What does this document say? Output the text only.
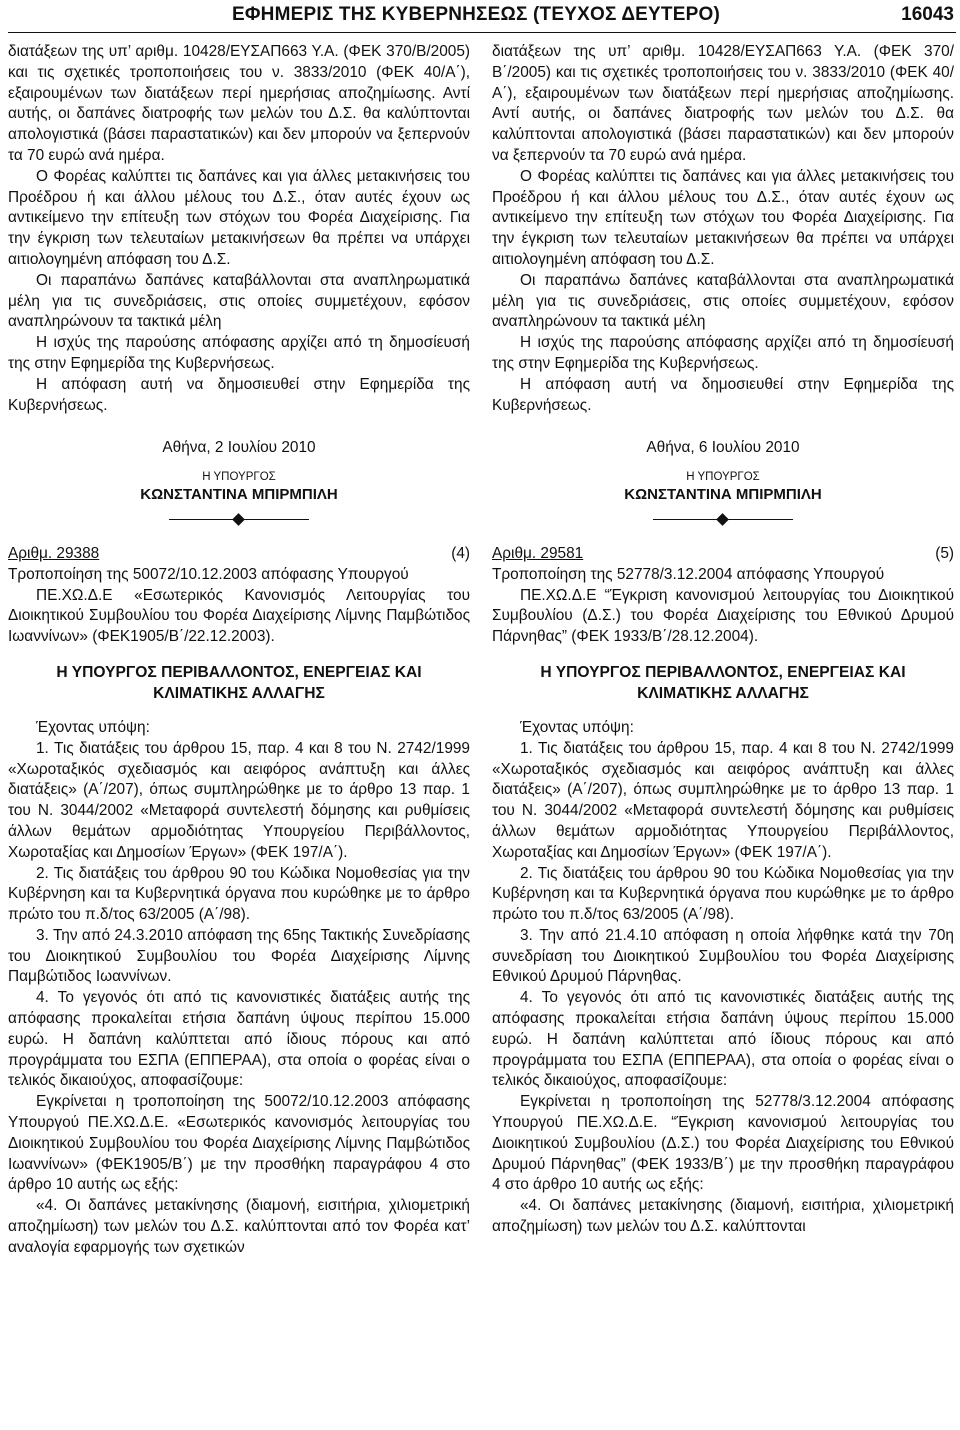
ΕΦΗΜΕΡΙΣ ΤΗΣ ΚΥΒΕΡΝΗΣΕΩΣ (ΤΕΥΧΟΣ ΔΕΥΤΕΡΟ)	16043

διατάξεων της υπ’ αριθμ. 10428/ΕΥΣΑΠ663 Υ.Α. (ΦΕΚ 370/Β/2005) και τις σχετικές τροποποιήσεις του ν. 3833/2010 (ΦΕΚ 40/Α΄), εξαιρουμένων των διατάξεων περί ημερήσιας αποζημίωσης. Αντί αυτής, οι δαπάνες διατροφής των μελών του Δ.Σ. θα καλύπτονται απολογιστικά (βάσει παραστατικών) και δεν μπορούν να ξεπερνούν τα 70 ευρώ ανά ημέρα.

Ο Φορέας καλύπτει τις δαπάνες και για άλλες μετακινήσεις του Προέδρου ή και άλλου μέλους του Δ.Σ., όταν αυτές έχουν ως αντικείμενο την επίτευξη των στόχων του Φορέα Διαχείρισης. Για την έγκριση των τελευταίων μετακινήσεων θα πρέπει να υπάρχει αιτιολογημένη απόφαση του Δ.Σ.

Οι παραπάνω δαπάνες καταβάλλονται στα αναπληρωματικά μέλη για τις συνεδριάσεις, στις οποίες συμμετέχουν, εφόσον αναπληρώνουν τα τακτικά μέλη

Η ισχύς της παρούσης απόφασης αρχίζει από τη δημοσίευσή της στην Εφημερίδα της Κυβερνήσεως.

Η απόφαση αυτή να δημοσιευθεί στην Εφημερίδα της Κυβερνήσεως.

Αθήνα, 2 Ιουλίου 2010

Η ΥΠΟΥΡΓΟΣ

ΚΩΝΣΤΑΝΤΙΝΑ ΜΠΙΡΜΠΙΛΗ

Αριθμ. 29388	(4)

Τροποποίηση της 50072/10.12.2003 απόφασης Υπουργού

ΠΕ.ΧΩ.Δ.Ε «Εσωτερικός Κανονισμός Λειτουργίας του Διοικητικού Συμβουλίου του Φορέα Διαχείρισης Λίμνης Παμβώτιδος Ιωαννίνων» (ΦΕΚ1905/Β΄/22.12.2003).

Η ΥΠΟΥΡΓΟΣ ΠΕΡΙΒΑΛΛΟΝΤΟΣ, ΕΝΕΡΓΕΙΑΣ ΚΑΙ ΚΛΙΜΑΤΙΚΗΣ ΑΛΛΑΓΗΣ

Έχοντας υπόψη:

1. Τις διατάξεις του άρθρου 15, παρ. 4 και 8 του Ν. 2742/1999 «Χωροταξικός σχεδιασμός και αειφόρος ανάπτυξη και άλλες διατάξεις» (Α΄/207), όπως συμπληρώθηκε με το άρθρο 13 παρ. 1 του Ν. 3044/2002 «Μεταφορά συντελεστή δόμησης και ρυθμίσεις άλλων θεμάτων αρμοδιότητας Υπουργείου Περιβάλλοντος, Χωροταξίας και Δημοσίων Έργων» (ΦΕΚ 197/Α΄).

2. Τις διατάξεις του άρθρου 90 του Κώδικα Νομοθεσίας για την Κυβέρνηση και τα Κυβερνητικά όργανα που κυρώθηκε με το άρθρο πρώτο του π.δ/τος 63/2005 (Α΄/98).

3. Την από 24.3.2010 απόφαση της 65ης Τακτικής Συνεδρίασης του Διοικητικού Συμβουλίου του Φορέα Διαχείρισης Λίμνης Παμβώτιδος Ιωαννίνων.

4. Το γεγονός ότι από τις κανονιστικές διατάξεις αυτής της απόφασης προκαλείται ετήσια δαπάνη ύψους περίπου 15.000 ευρώ. Η δαπάνη καλύπτεται από ίδιους πόρους και από προγράμματα του ΕΣΠΑ (ΕΠΠΕΡΑΑ), στα οποία ο φορέας είναι ο τελικός δικαιούχος, αποφασίζουμε:

Εγκρίνεται η τροποποίηση της 50072/10.12.2003 απόφασης Υπουργού ΠΕ.ΧΩ.Δ.Ε. «Εσωτερικός κανονισμός λειτουργίας του Διοικητικού Συμβουλίου του Φορέα Διαχείρισης Λίμνης Παμβώτιδος Ιωαννίνων» (ΦΕΚ1905/Β΄) με την προσθήκη παραγράφου 4 στο άρθρο 10 αυτής ως εξής:

«4. Οι δαπάνες μετακίνησης (διαμονή, εισιτήρια, χιλιομετρική αποζημίωση) των μελών του Δ.Σ. καλύπτονται από τον Φορέα κατ’ αναλογία εφαρμογής των σχετικών

διατάξεων της υπ’ αριθμ. 10428/ΕΥΣΑΠ663 Υ.Α. (ΦΕΚ 370/Β΄/2005) και τις σχετικές τροποποιήσεις του ν. 3833/2010 (ΦΕΚ 40/Α΄), εξαιρουμένων των διατάξεων περί ημερήσιας αποζημίωσης. Αντί αυτής, οι δαπάνες διατροφής των μελών του Δ.Σ. θα καλύπτονται απολογιστικά (βάσει παραστατικών) και δεν μπορούν να ξεπερνούν τα 70 ευρώ ανά ημέρα.

Ο Φορέας καλύπτει τις δαπάνες και για άλλες μετακινήσεις του Προέδρου ή και άλλου μέλους του Δ.Σ., όταν αυτές έχουν ως αντικείμενο την επίτευξη των στόχων του Φορέα Διαχείρισης. Για την έγκριση των τελευταίων μετακινήσεων θα πρέπει να υπάρχει αιτιολογημένη απόφαση του Δ.Σ.

Οι παραπάνω δαπάνες καταβάλλονται στα αναπληρωματικά μέλη για τις συνεδριάσεις, στις οποίες συμμετέχουν, εφόσον αναπληρώνουν τα τακτικά μέλη

Η ισχύς της παρούσης απόφασης αρχίζει από τη δημοσίευσή της στην Εφημερίδα της Κυβερνήσεως.

Η απόφαση αυτή να δημοσιευθεί στην Εφημερίδα της Κυβερνήσεως.

Αθήνα, 6 Ιουλίου 2010

Η ΥΠΟΥΡΓΟΣ

ΚΩΝΣΤΑΝΤΙΝΑ ΜΠΙΡΜΠΙΛΗ

Αριθμ. 29581	(5)

Τροποποίηση της 52778/3.12.2004 απόφασης Υπουργού

ΠΕ.ΧΩ.Δ.Ε “Έγκριση κανονισμού λειτουργίας του Διοικητικού Συμβουλίου (Δ.Σ.) του Φορέα Διαχείρισης του Εθνικού Δρυμού Πάρνηθας” (ΦΕΚ 1933/Β΄/28.12.2004).

Η ΥΠΟΥΡΓΟΣ ΠΕΡΙΒΑΛΛΟΝΤΟΣ, ΕΝΕΡΓΕΙΑΣ ΚΑΙ ΚΛΙΜΑΤΙΚΗΣ ΑΛΛΑΓΗΣ

Έχοντας υπόψη:

1. Τις διατάξεις του άρθρου 15, παρ. 4 και 8 του Ν. 2742/1999 «Χωροταξικός σχεδιασμός και αειφόρος ανάπτυξη και άλλες διατάξεις» (Α΄/207), όπως συμπληρώθηκε με το άρθρο 13 παρ. 1 του Ν. 3044/2002 «Μεταφορά συντελεστή δόμησης και ρυθμίσεις άλλων θεμάτων αρμοδιότητας Υπουργείου Περιβάλλοντος, Χωροταξίας και Δημοσίων Έργων» (ΦΕΚ 197/Α΄).

2. Τις διατάξεις του άρθρου 90 του Κώδικα Νομοθεσίας για την Κυβέρνηση και τα Κυβερνητικά όργανα που κυρώθηκε με το άρθρο πρώτο του π.δ/τος 63/2005 (Α΄/98).

3. Την από 21.4.10 απόφαση η οποία λήφθηκε κατά την 70η συνεδρίαση του Διοικητικού Συμβουλίου του Φορέα Διαχείρισης Εθνικού Δρυμού Πάρνηθας.

4. Το γεγονός ότι από τις κανονιστικές διατάξεις αυτής της απόφασης προκαλείται ετήσια δαπάνη ύψους περίπου 15.000 ευρώ. Η δαπάνη καλύπτεται από ίδιους πόρους και από προγράμματα του ΕΣΠΑ (ΕΠΠΕΡΑΑ), στα οποία ο φορέας είναι ο τελικός δικαιούχος, αποφασίζουμε:

Εγκρίνεται η τροποποίηση της 52778/3.12.2004 απόφασης Υπουργού ΠΕ.ΧΩ.Δ.Ε. “Έγκριση κανονισμού λειτουργίας του Διοικητικού Συμβουλίου (Δ.Σ.) του Φορέα Διαχείρισης του Εθνικού Δρυμού Πάρνηθας” (ΦΕΚ 1933/Β΄) με την προσθήκη παραγράφου 4 στο άρθρο 10 αυτής ως εξής:

«4. Οι δαπάνες μετακίνησης (διαμονή, εισιτήρια, χιλιομετρική αποζημίωση) των μελών του Δ.Σ. καλύπτονται
